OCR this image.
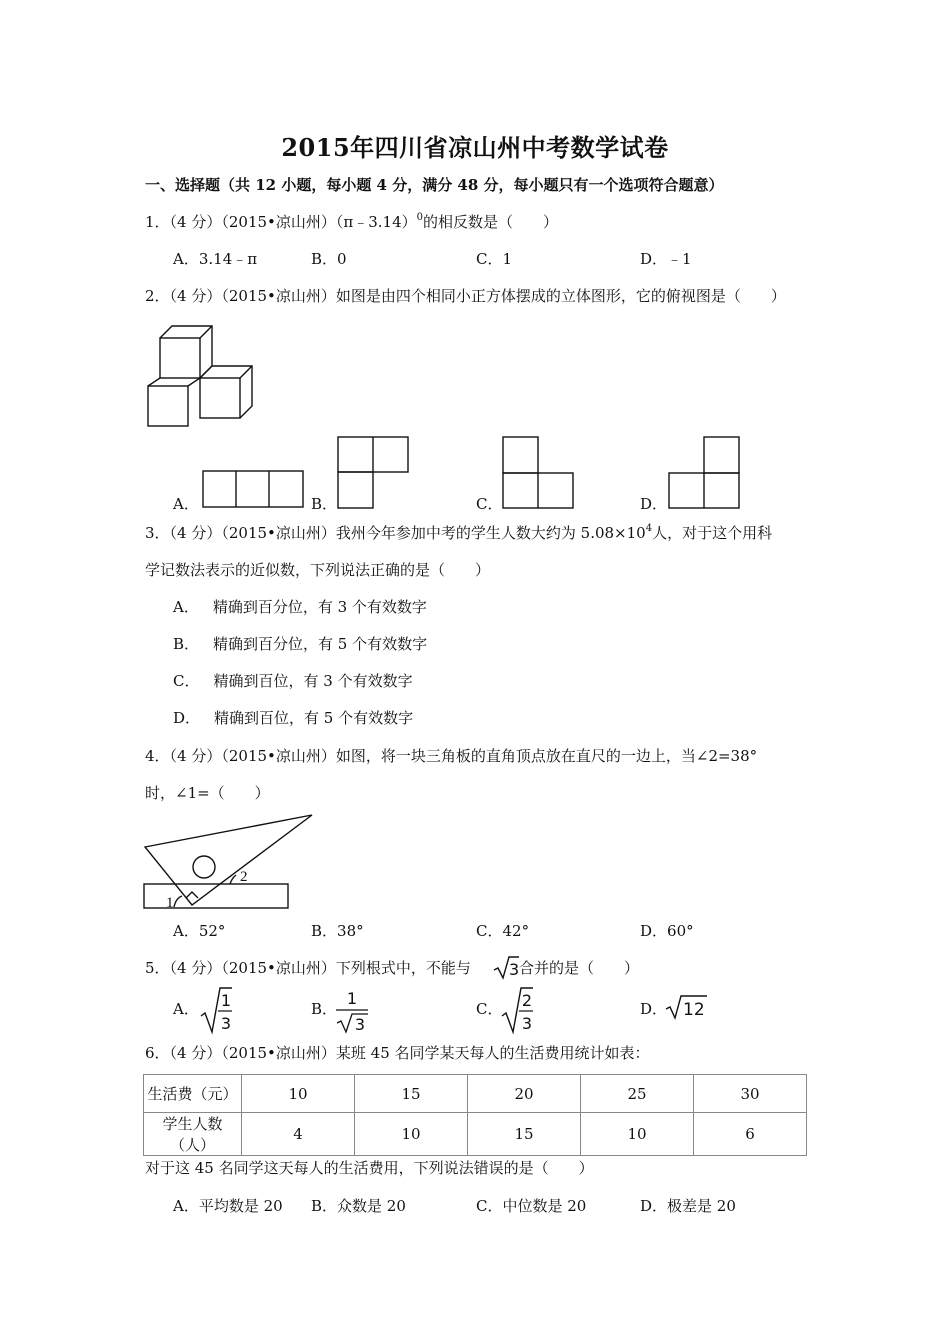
2015年四川省凉山州中考数学试卷
一、选择题（共 12 小题，每小题 4 分，满分 48 分，每小题只有一个选项符合题意）
1．（4 分）（2015•凉山州）（π﹣3.14）$^0$的相反数是（　　）
A．3.14﹣π	B．0	C．1	D．﹣1
2．（4 分）（2015•凉山州）如图是由四个相同小正方体摆成的立体图形，它的俯视图是（　　）
A．	B．	C．	D．
3．（4 分）（2015•凉山州）我州今年参加中考的学生人数大约为 $5.08\times 10^4$人，对于这个用科
学记数法表示的近似数，下列说法正确的是（　　）
A． 精确到百分位，有 3 个有效数字
B． 精确到百分位，有 5 个有效数字
C． 精确到百位，有 3 个有效数字
D． 精确到百位，有 5 个有效数字
4．（4 分）（2015•凉山州）如图，将一块三角板的直角顶点放在直尺的一边上，当∠2=38°
时，∠1=（　　）
1
2
A．52°	B．38°	C．42°	D．60°
5．（4 分）（2015•凉山州）下列根式中，不能与 3 合并的是（　　）
A． 1
3
B．
1
3
C． 2
3
D． 12
6．（4 分）（2015•凉山州）某班 45 名同学某天每人的生活费用统计如表：
生活费（元）	10	15	20	25	30
学生人数（人）	4	10	15	10	6
对于这 45 名同学这天每人的生活费用，下列说法错误的是（　　）
A．平均数是 20 B．众数是 20	C．中位数是 20	D．极差是 20
